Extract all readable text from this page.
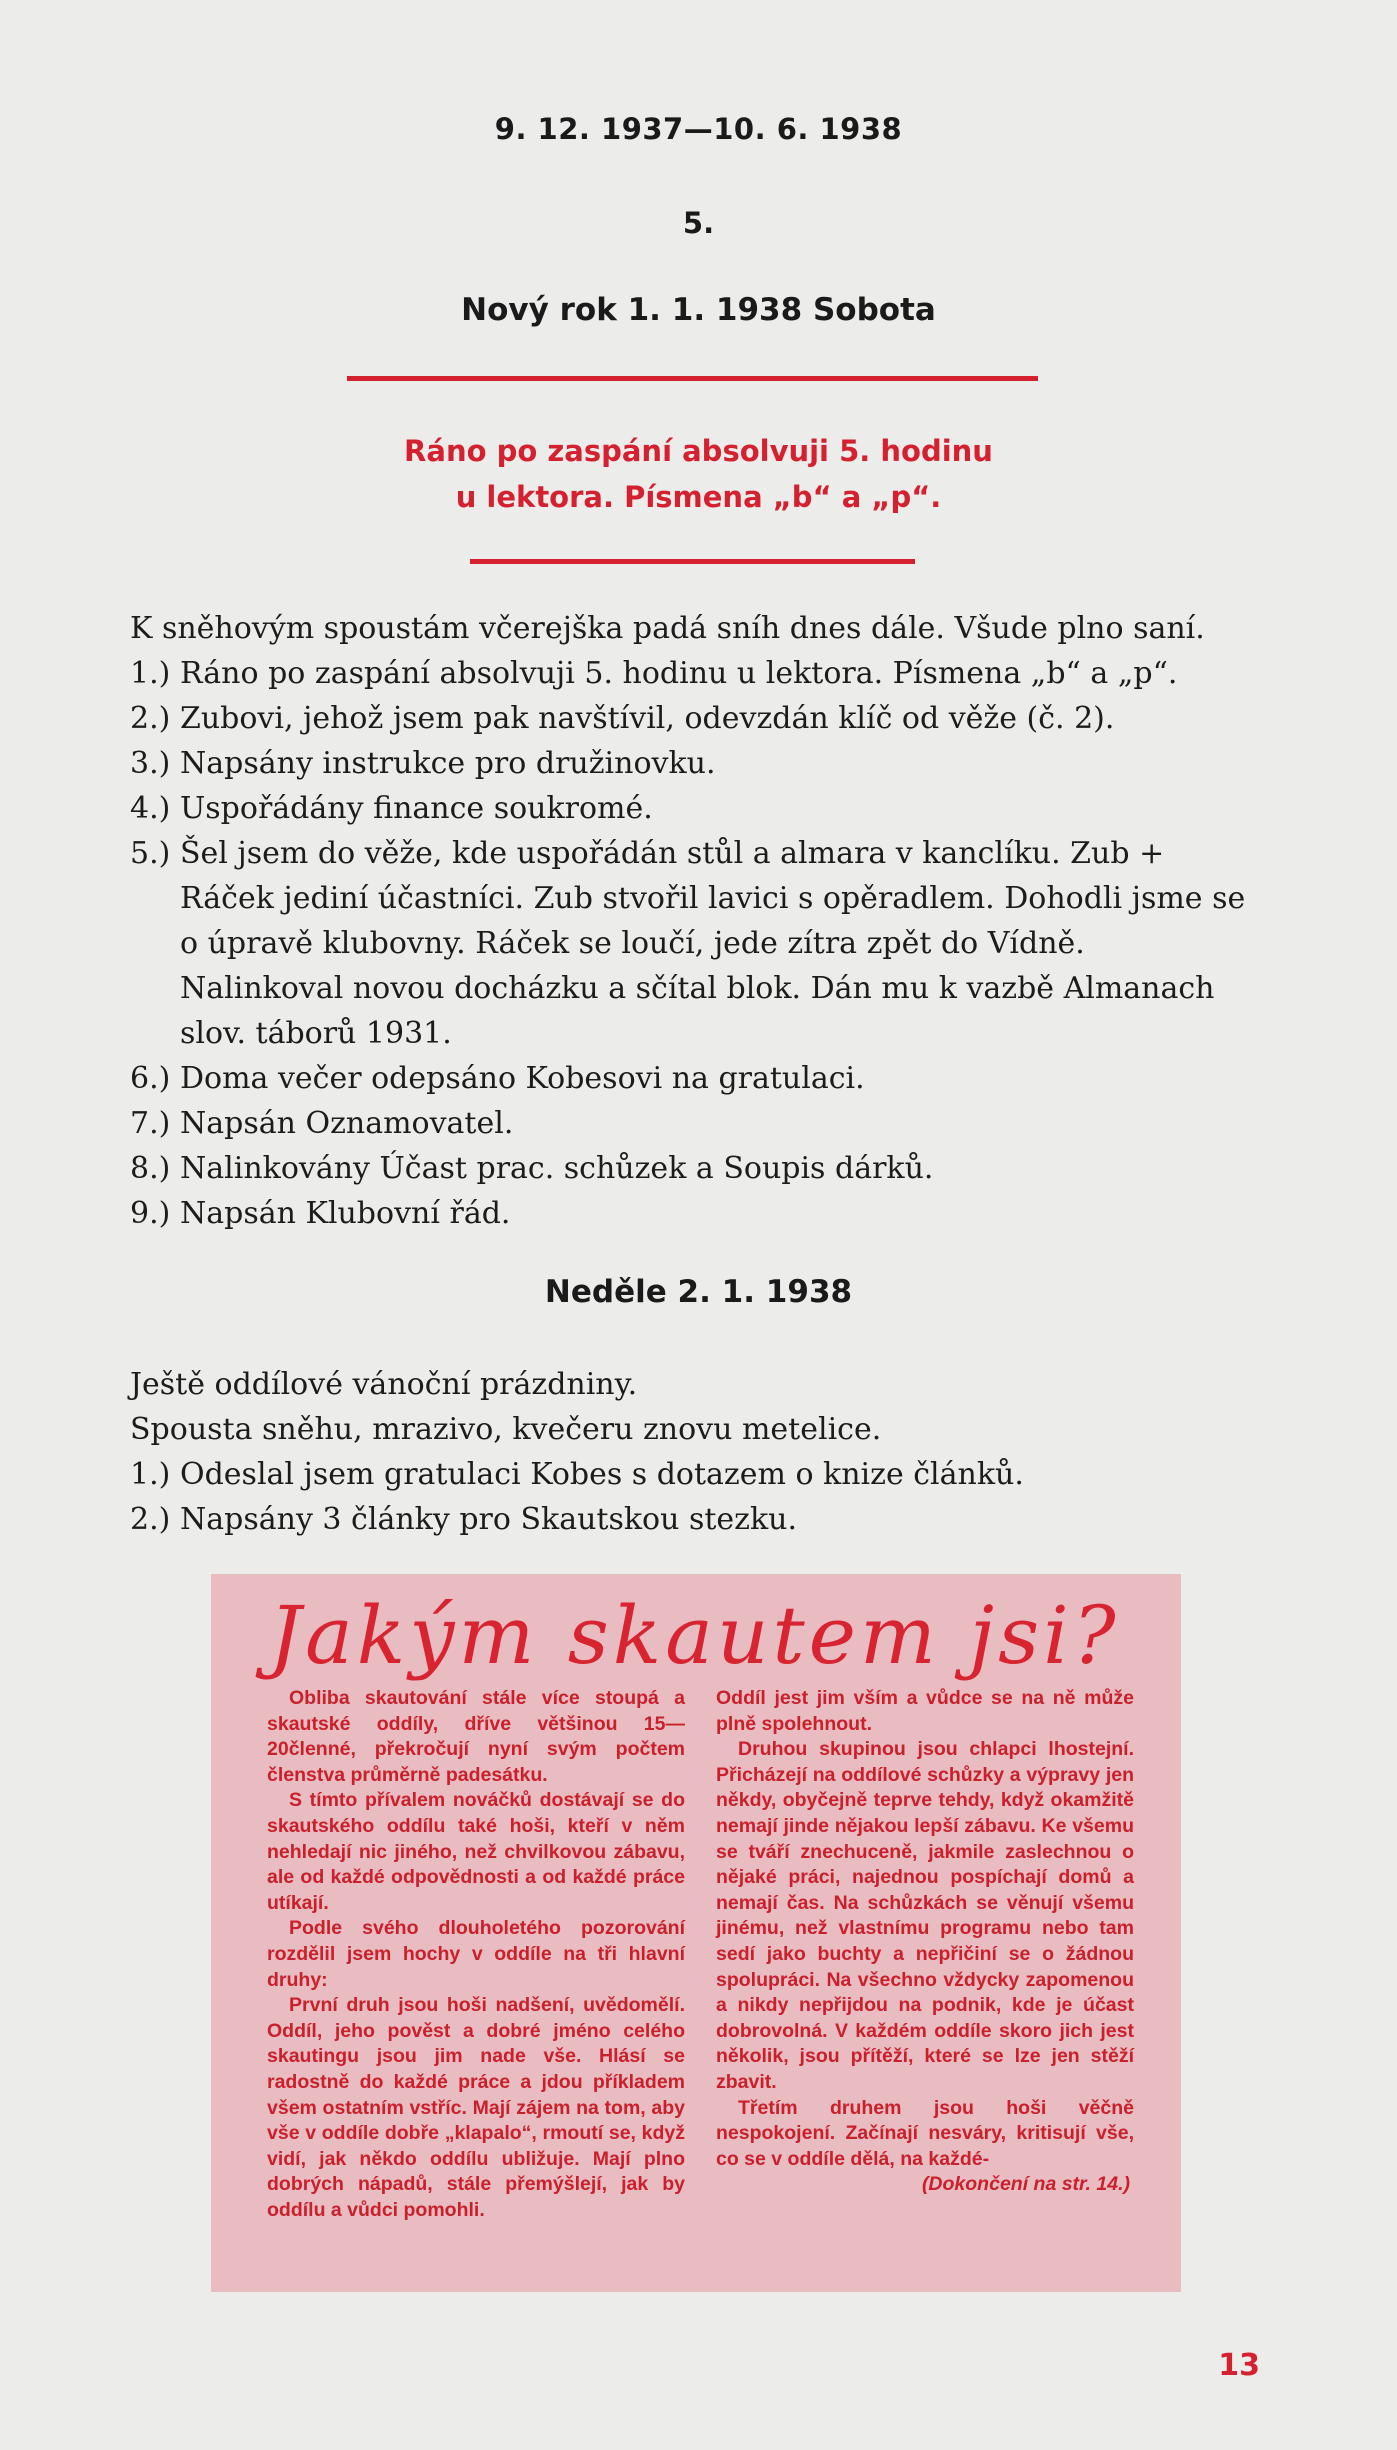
9. 12. 1937—10. 6. 1938
5.
Nový rok 1. 1. 1938 Sobota

Ráno po zaspání absolvuji 5. hodinu
u lektora. Písmena „b“ a „p“.

K sněhovým spoustám včerejška padá sníh dnes dále. Všude plno saní.

1.) Ráno po zaspání absolvuji 5. hodinu u lektora. Písmena „b“ a „p“.
2.) Zubovi, jehož jsem pak navštívil, odevzdán klíč od věže (č. 2).
3.) Napsány instrukce pro družinovku.
4.) Uspořádány finance soukromé.
5.) Šel jsem do věže, kde uspořádán stůl a almara v kanclíku. Zub + Ráček jediní účastníci. Zub stvořil lavici s opěradlem. Dohodli jsme se o úpravě klubovny. Ráček se loučí, jede zítra zpět do Vídně. Nalinkoval novou docházku a sčítal blok. Dán mu k vazbě Almanach slov. táborů 1931.
6.) Doma večer odepsáno Kobesovi na gratulaci.
7.) Napsán Oznamovatel.
8.) Nalinkovány Účast prac. schůzek a Soupis dárků.
9.) Napsán Klubovní řád.
Neděle 2. 1. 1938

Ještě oddílové vánoční prázdniny.

Spousta sněhu, mrazivo, kvečeru znovu metelice.

1.) Odeslal jsem gratulaci Kobes s dotazem o knize článků.
2.) Napsány 3 články pro Skautskou stezku.
Jakým skautem jsi?

Obliba skautování stále více stoupá a skautské oddíly, dříve většinou 15—20členné, překročují nyní svým počtem členstva průměrně padesátku.

S tímto přívalem nováčků dostávají se do skautského oddílu také hoši, kteří v něm nehledají nic jiného, než chvilkovou zábavu, ale od každé odpovědnosti a od každé práce utíkají.

Podle svého dlouholetého pozorování rozdělil jsem hochy v oddíle na tři hlavní druhy:

První druh jsou hoši nadšení, uvědomělí. Oddíl, jeho pověst a dobré jméno celého skautingu jsou jim nade vše. Hlásí se radostně do každé práce a jdou příkladem všem ostatním vstříc. Mají zájem na tom, aby vše v oddíle dobře „klapalo“, rmoutí se, když vidí, jak někdo oddílu ubližuje. Mají plno dobrých nápadů, stále přemýšlejí, jak by oddílu a vůdci pomohli.

Oddíl jest jim vším a vůdce se na ně může plně spolehnout.

Druhou skupinou jsou chlapci lhostejní. Přicházejí na oddílové schůzky a výpravy jen někdy, obyčejně teprve tehdy, když okamžitě nemají jinde nějakou lepší zábavu. Ke všemu se tváří znechuceně, jakmile zaslechnou o nějaké práci, najednou pospíchají domů a nemají čas. Na schůzkách se věnují všemu jinému, než vlastnímu programu nebo tam sedí jako buchty a nepřičiní se o žádnou spolupráci. Na všechno vždycky zapomenou a nikdy nepřijdou na podnik, kde je účast dobrovolná. V každém oddíle skoro jich jest několik, jsou přítěží, které se lze jen stěží zbavit.

Třetím druhem jsou hoši věčně nespokojení. Začínají nesváry, kritisují vše, co se v oddíle dělá, na každé-

(Dokončení na str. 14.)

13
